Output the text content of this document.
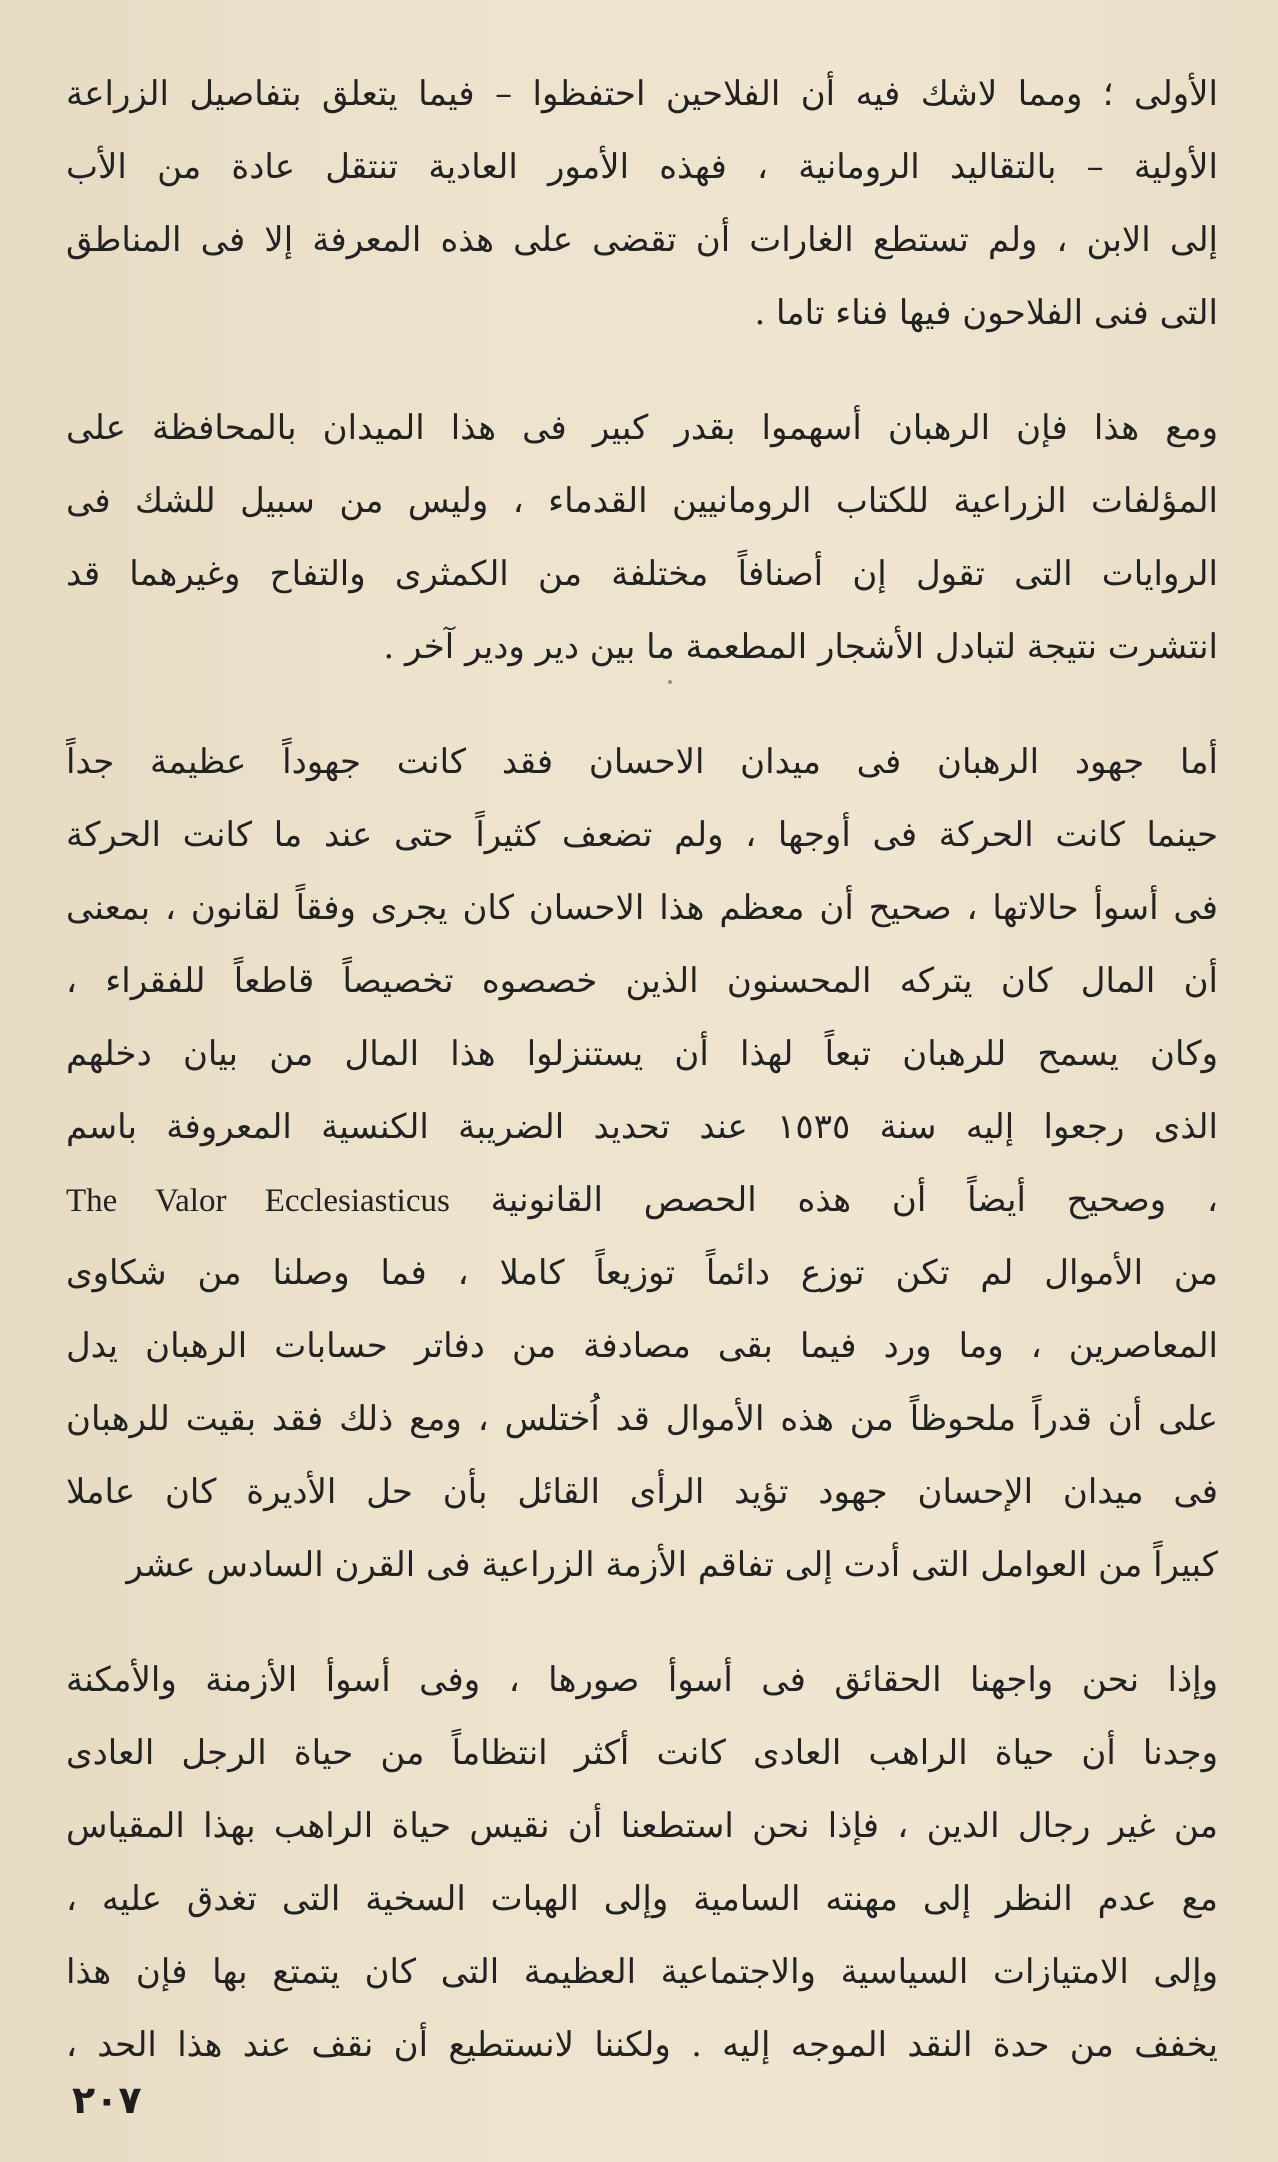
الأولى ؛ ومما لاشك فيه أن الفلاحين احتفظوا – فيما يتعلق بتفاصيل الزراعة
الأولية – بالتقاليد الرومانية ، فهذه الأمور العادية تنتقل عادة من الأب
إلى الابن ، ولم تستطع الغارات أن تقضى على هذه المعرفة إلا فى المناطق
التى فنى الفلاحون فيها فناء تاما .

ومع هذا فإن الرهبان أسهموا بقدر كبير فى هذا الميدان بالمحافظة على
المؤلفات الزراعية للكتاب الرومانيين القدماء ، وليس من سبيل للشك فى
الروايات التى تقول إن أصنافاً مختلفة من الكمثرى والتفاح وغيرهما قد
انتشرت نتيجة لتبادل الأشجار المطعمة ما بين دير ودير آخر .

أما جهود الرهبان فى ميدان الاحسان فقد كانت جهوداً عظيمة جداً
حينما كانت الحركة فى أوجها ، ولم تضعف كثيراً حتى عند ما كانت الحركة
فى أسوأ حالاتها ، صحيح أن معظم هذا الاحسان كان يجرى وفقاً لقانون ، بمعنى
أن المال كان يتركه المحسنون الذين خصصوه تخصيصاً قاطعاً للفقراء ،
وكان يسمح للرهبان تبعاً لهذا أن يستنزلوا هذا المال من بيان دخلهم
الذى رجعوا إليه سنة ١٥٣٥ عند تحديد الضريبة الكنسية المعروفة باسم
، وصحيح أيضاً أن هذه الحصص القانونية The Valor Ecclesiasticus
من الأموال لم تكن توزع دائماً توزيعاً كاملا ، فما وصلنا من شكاوى
المعاصرين ، وما ورد فيما بقى مصادفة من دفاتر حسابات الرهبان يدل
على أن قدراً ملحوظاً من هذه الأموال قد اُختلس ، ومع ذلك فقد بقيت للرهبان
فى ميدان الإحسان جهود تؤيد الرأى القائل بأن حل الأديرة كان عاملا
كبيراً من العوامل التى أدت إلى تفاقم الأزمة الزراعية فى القرن السادس عشر

وإذا نحن واجهنا الحقائق فى أسوأ صورها ، وفى أسوأ الأزمنة والأمكنة
وجدنا أن حياة الراهب العادى كانت أكثر انتظاماً من حياة الرجل العادى
من غير رجال الدين ، فإذا نحن استطعنا أن نقيس حياة الراهب بهذا المقياس
مع عدم النظر إلى مهنته السامية وإلى الهبات السخية التى تغدق عليه ،
وإلى الامتيازات السياسية والاجتماعية العظيمة التى كان يتمتع بها فإن هذا
يخفف من حدة النقد الموجه إليه . ولكننا لانستطيع أن نقف عند هذا الحد ،

٢٠٧
